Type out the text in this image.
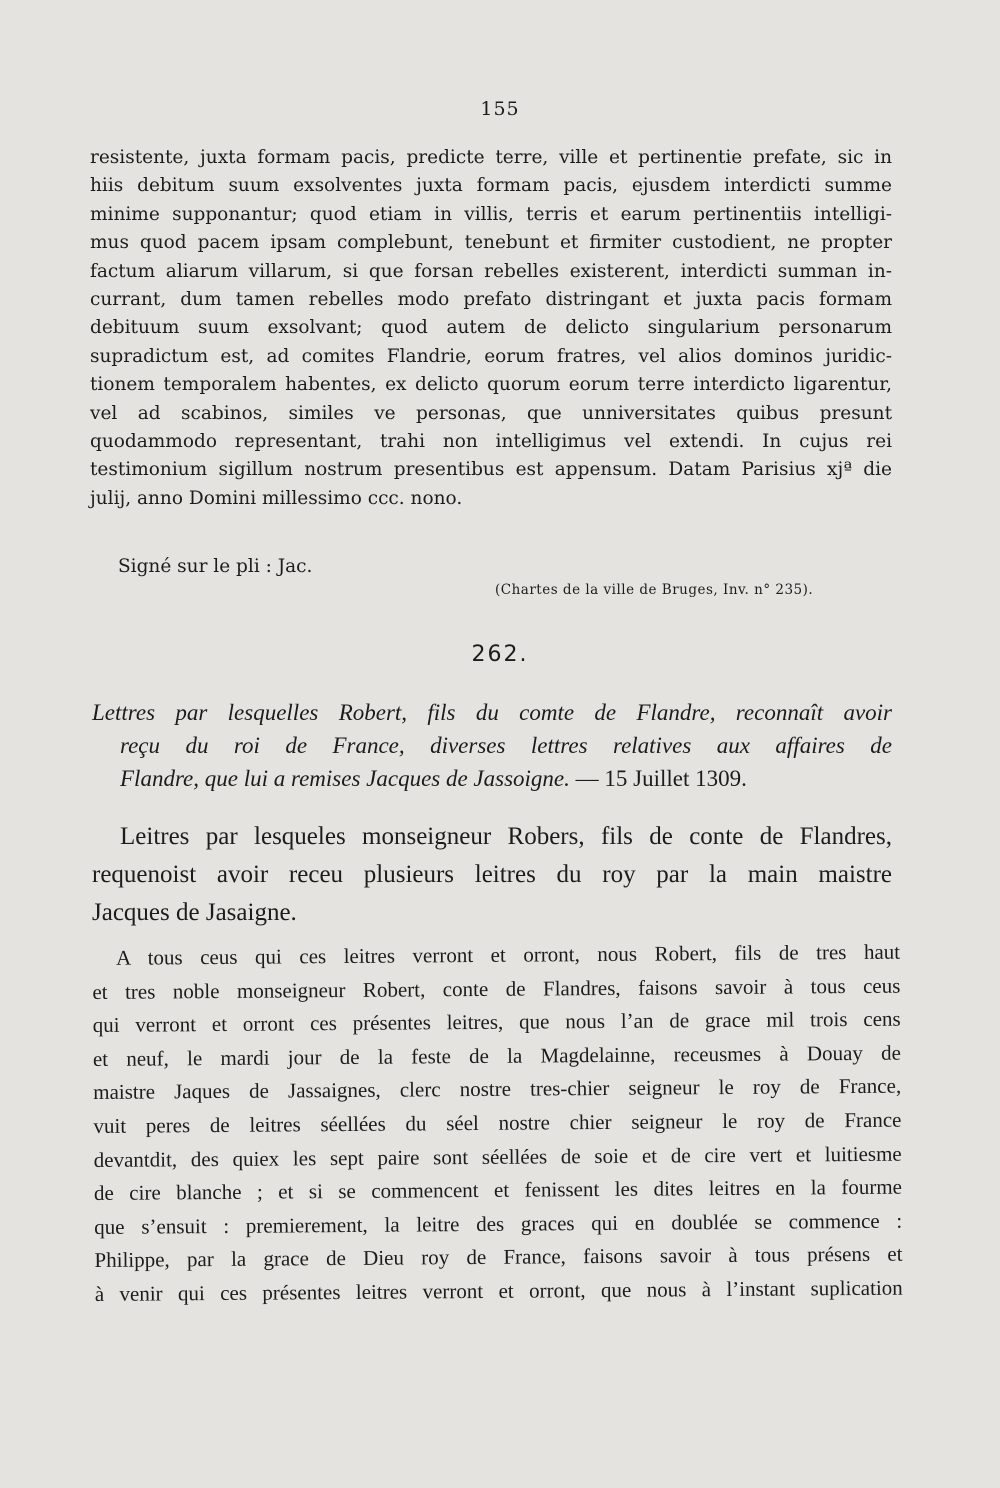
155
resistente, juxta formam pacis, predicte terre, ville et pertinentie prefate, sic in
hiis debitum suum exsolventes juxta formam pacis, ejusdem interdicti summe
minime supponantur; quod etiam in villis, terris et earum pertinentiis intelligi-
mus quod pacem ipsam complebunt, tenebunt et firmiter custodient, ne propter
factum aliarum villarum, si que forsan rebelles existerent, interdicti summan in-
currant, dum tamen rebelles modo prefato distringant et juxta pacis formam
debituum suum exsolvant; quod autem de delicto singularium personarum
supradictum est, ad comites Flandrie, eorum fratres, vel alios dominos juridic-
tionem temporalem habentes, ex delicto quorum eorum terre interdicto ligarentur,
vel ad scabinos, similes ve personas, que unniversitates quibus presunt
quodammodo representant, trahi non intelligimus vel extendi. In cujus rei
testimonium sigillum nostrum presentibus est appensum. Datam Parisius xjª die
julij, anno Domini millessimo ccc. nono.
Signé sur le pli : Jac.
(Chartes de la ville de Bruges, Inv. n° 235).
262.
Lettres par lesquelles Robert, fils du comte de Flandre, reconnaît avoir
reçu du roi de France, diverses lettres relatives aux affaires de
Flandre, que lui a remises Jacques de Jassoigne. — 15 Juillet 1309.
Leitres par lesqueles monseigneur Robers, fils de conte de Flandres,
requenoist avoir receu plusieurs leitres du roy par la main maistre
Jacques de Jasaigne.
A tous ceus qui ces leitres verront et orront, nous Robert, fils de tres haut
et tres noble monseigneur Robert, conte de Flandres, faisons savoir à tous ceus
qui verront et orront ces présentes leitres, que nous l’an de grace mil trois cens
et neuf, le mardi jour de la feste de la Magdelainne, receusmes à Douay de
maistre Jaques de Jassaignes, clerc nostre tres-chier seigneur le roy de France,
vuit peres de leitres séellées du séel nostre chier seigneur le roy de France
devantdit, des quiex les sept paire sont séellées de soie et de cire vert et luitiesme
de cire blanche ; et si se commencent et fenissent les dites leitres en la fourme
que s’ensuit : premierement, la leitre des graces qui en doublée se commence :
Philippe, par la grace de Dieu roy de France, faisons savoir à tous présens et
à venir qui ces présentes leitres verront et orront, que nous à l’instant suplication
